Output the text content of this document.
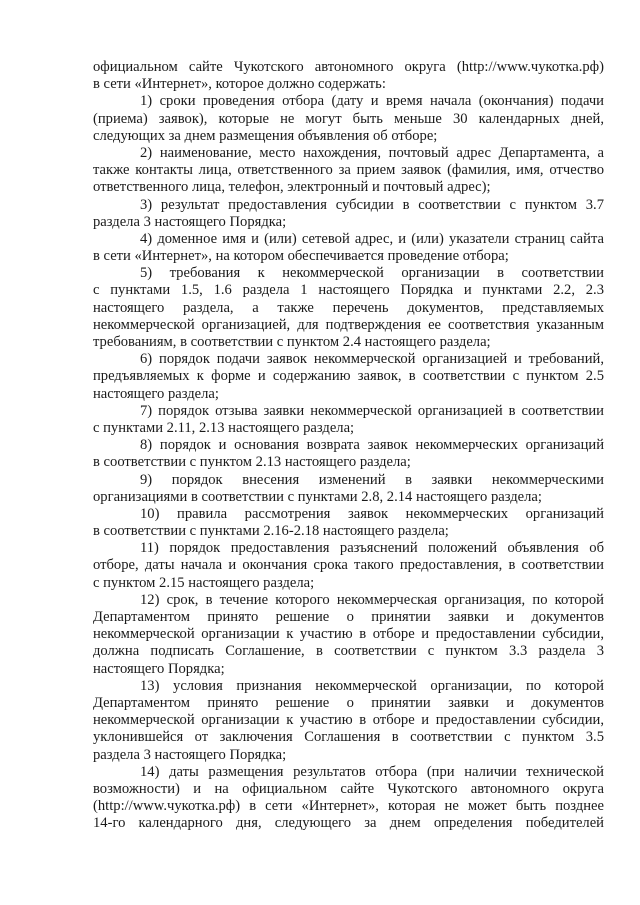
официальном сайте Чукотского автономного округа (http://www.чукотка.рф)
в сети «Интернет», которое должно содержать:
1) сроки проведения отбора (дату и время начала (окончания) подачи
(приема) заявок), которые не могут быть меньше 30 календарных дней,
следующих за днем размещения объявления об отборе;
2) наименование, место нахождения, почтовый адрес Департамента, а
также контакты лица, ответственного за прием заявок (фамилия, имя, отчество
ответственного лица, телефон, электронный и почтовый адрес);
3) результат предоставления субсидии в соответствии с пунктом 3.7
раздела 3 настоящего Порядка;
4) доменное имя и (или) сетевой адрес, и (или) указатели страниц сайта
в сети «Интернет», на котором обеспечивается проведение отбора;
5) требования к некоммерческой организации в соответствии
с пунктами 1.5, 1.6 раздела 1 настоящего Порядка и пунктами 2.2, 2.3
настоящего раздела, а также перечень документов, представляемых
некоммерческой организацией, для подтверждения ее соответствия указанным
требованиям, в соответствии с пунктом 2.4 настоящего раздела;
6) порядок подачи заявок некоммерческой организацией и требований,
предъявляемых к форме и содержанию заявок, в соответствии с пунктом 2.5
настоящего раздела;
7) порядок отзыва заявки некоммерческой организацией в соответствии
с пунктами 2.11, 2.13 настоящего раздела;
8) порядок и основания возврата заявок некоммерческих организаций
в соответствии с пунктом 2.13 настоящего раздела;
9) порядок внесения изменений в заявки некоммерческими
организациями в соответствии с пунктами 2.8, 2.14 настоящего раздела;
10) правила рассмотрения заявок некоммерческих организаций
в соответствии с пунктами 2.16-2.18 настоящего раздела;
11) порядок предоставления разъяснений положений объявления об
отборе, даты начала и окончания срока такого предоставления, в соответствии
с пунктом 2.15 настоящего раздела;
12) срок, в течение которого некоммерческая организация, по которой
Департаментом принято решение о принятии заявки и документов
некоммерческой организации к участию в отборе и предоставлении субсидии,
должна подписать Соглашение, в соответствии с пунктом 3.3 раздела 3
настоящего Порядка;
13) условия признания некоммерческой организации, по которой
Департаментом принято решение о принятии заявки и документов
некоммерческой организации к участию в отборе и предоставлении субсидии,
уклонившейся от заключения Соглашения в соответствии с пунктом 3.5
раздела 3 настоящего Порядка;
14) даты размещения результатов отбора (при наличии технической
возможности) и на официальном сайте Чукотского автономного округа
(http://www.чукотка.рф) в сети «Интернет», которая не может быть позднее
14-го календарного дня, следующего за днем определения победителей
